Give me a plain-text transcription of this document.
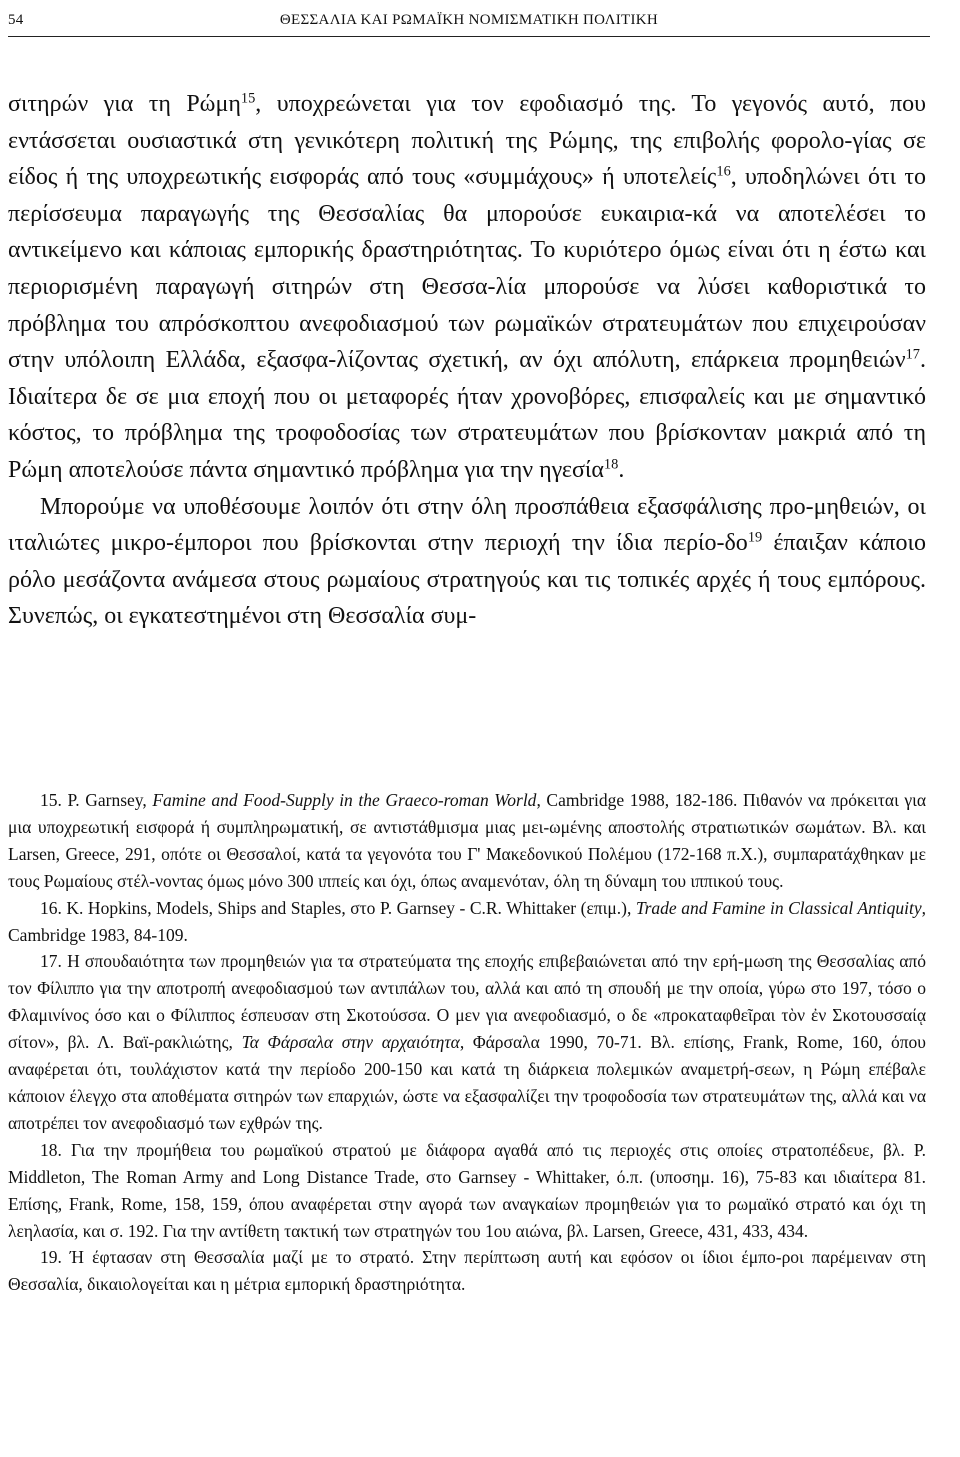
54	ΘΕΣΣΑΛΙΑ ΚΑΙ ΡΩΜΑΪΚΗ ΝΟΜΙΣΜΑΤΙΚΗ ΠΟΛΙΤΙΚΗ

σιτηρών για τη Ρώμη$^{15}$, υποχρεώνεται για τον εφοδιασμό της. Το γεγονός αυτό, που εντάσσεται ουσιαστικά στη γενικότερη πολιτική της Ρώμης, της επιβολής φορολο-γίας σε είδος ή της υποχρεωτικής εισφοράς από τους «συμμάχους» ή υποτελείς$^{16}$, υποδηλώνει ότι το περίσσευμα παραγωγής της Θεσσαλίας θα μπορούσε ευκαιρια-κά να αποτελέσει το αντικείμενο και κάποιας εμπορικής δραστηριότητας. Το κυριότερο όμως είναι ότι η έστω και περιορισμένη παραγωγή σιτηρών στη Θεσσα-λία μπορούσε να λύσει καθοριστικά το πρόβλημα του απρόσκοπτου ανεφοδιασμού των ρωμαϊκών στρατευμάτων που επιχειρούσαν στην υπόλοιπη Ελλάδα, εξασφα-λίζοντας σχετική, αν όχι απόλυτη, επάρκεια προμηθειών$^{17}$. Ιδιαίτερα δε σε μια εποχή που οι μεταφορές ήταν χρονοβόρες, επισφαλείς και με σημαντικό κόστος, το πρόβλημα της τροφοδοσίας των στρατευμάτων που βρίσκονταν μακριά από τη Ρώμη αποτελούσε πάντα σημαντικό πρόβλημα για την ηγεσία$^{18}$.

Μπορούμε να υποθέσουμε λοιπόν ότι στην όλη προσπάθεια εξασφάλισης προ-μηθειών, οι ιταλιώτες μικρο-έμποροι που βρίσκονται στην περιοχή την ίδια περίο-$\delta o^{19}$ έπαιξαν κάποιο ρόλο μεσάζοντα ανάμεσα στους ρωμαίους στρατηγούς και τις τοπικές αρχές ή τους εμπόρους. Συνεπώς, οι εγκατεστημένοι στη Θεσσαλία συμ-

15. P. Garnsey, Famine and Food-Supply in the Graeco-roman World, Cambridge 1988, 182-186. Πιθανόν να πρόκειται για μια υποχρεωτική εισφορά ή συμπληρωματική, σε αντιστάθμισμα μιας μει-ωμένης αποστολής στρατιωτικών σωμάτων. Βλ. και Larsen, Greece, 291, οπότε οι Θεσσαλοί, κατά τα γεγονότα του Γ' Μακεδονικού Πολέμου (172-168 π.Χ.), συμπαρατάχθηκαν με τους Ρωμαίους στέλ-νοντας όμως μόνο 300 ιππείς και όχι, όπως αναμενόταν, όλη τη δύναμη του ιππικού τους.

16. K. Hopkins, Models, Ships and Staples, στο P. Garnsey - C.R. Whittaker (επιμ.), Trade and Famine in Classical Antiquity, Cambridge 1983, 84-109.

17. Η σπουδαιότητα των προμηθειών για τα στρατεύματα της εποχής επιβεβαιώνεται από την ερή-μωση της Θεσσαλίας από τον Φίλιππο για την αποτροπή ανεφοδιασμού των αντιπάλων του, αλλά και από τη σπουδή με την οποία, γύρω στο 197, τόσο ο Φλαμινίνος όσο και ο Φίλιππος έσπευσαν στη Σκοτούσσα. Ο μεν για ανεφοδιασμό, ο δε «προκαταφθεῖραι τὸν ἐν Σκοτουσσαίᾳ σίτον», βλ. Λ. Βαϊ-ρακλιώτης, Τα Φάρσαλα στην αρχαιότητα, Φάρσαλα 1990, 70-71. Βλ. επίσης, Frank, Rome, 160, όπου αναφέρεται ότι, τουλάχιστον κατά την περίοδο 200-150 και κατά τη διάρκεια πολεμικών αναμετρή-σεων, η Ρώμη επέβαλε κάποιον έλεγχο στα αποθέματα σιτηρών των επαρχιών, ώστε να εξασφαλίζει την τροφοδοσία των στρατευμάτων της, αλλά και να αποτρέπει τον ανεφοδιασμό των εχθρών της.

18. Για την προμήθεια του ρωμαϊκού στρατού με διάφορα αγαθά από τις περιοχές στις οποίες στρατοπέδευε, βλ. P. Middleton, The Roman Army and Long Distance Trade, στο Garnsey - Whittaker, ό.π. (υποσημ. 16), 75-83 και ιδιαίτερα 81. Επίσης, Frank, Rome, 158, 159, όπου αναφέρεται στην αγορά των αναγκαίων προμηθειών για το ρωμαϊκό στρατό και όχι τη λεηλασία, και σ. 192. Για την αντίθετη τακτική των στρατηγών του 1ου αιώνα, βλ. Larsen, Greece, 431, 433, 434.

19. Ή έφτασαν στη Θεσσαλία μαζί με το στρατό. Στην περίπτωση αυτή και εφόσον οι ίδιοι έμπο-ροι παρέμειναν στη Θεσσαλία, δικαιολογείται και η μέτρια εμπορική δραστηριότητα.
